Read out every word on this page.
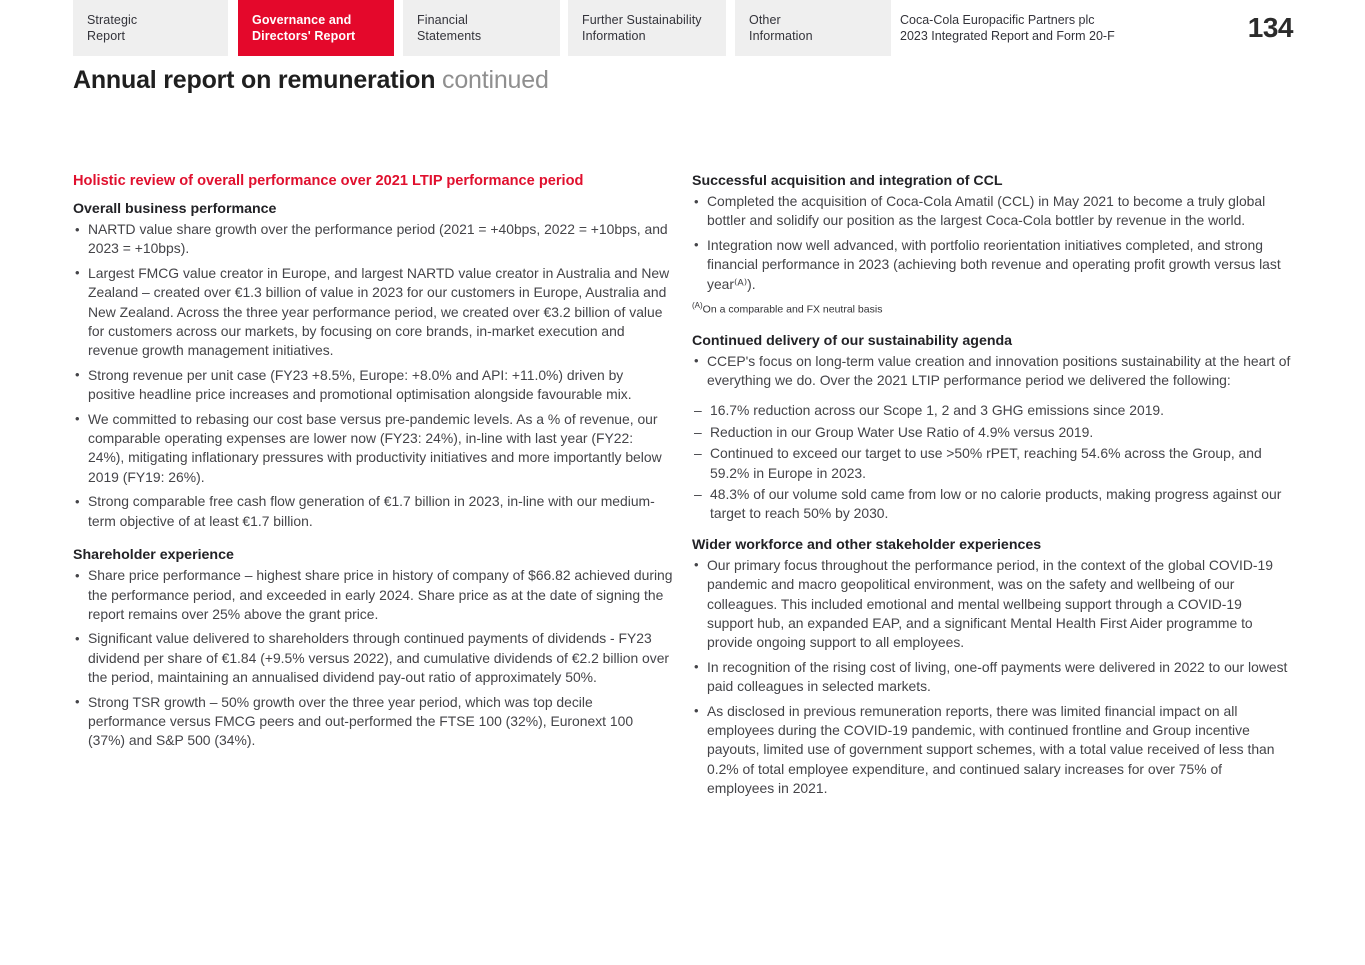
Strategic
Report
Governance and
Directors' Report
Financial
Statements
Further Sustainability
Information
Other
Information
Coca-Cola Europacific Partners plc
2023 Integrated Report and Form 20-F	134
Annual report on remuneration continued
Holistic review of overall performance over 2021 LTIP performance period
Overall business performance
• NARTD value share growth over the performance period (2021 = +40bps, 2022 = +10bps, and 2023 = +10bps).
• Largest FMCG value creator in Europe, and largest NARTD value creator in Australia and New Zealand – created over €1.3 billion of value in 2023 for our customers in Europe, Australia and New Zealand. Across the three year performance period, we created over €3.2 billion of value for customers across our markets, by focusing on core brands, in-market execution and revenue growth management initiatives.
• Strong revenue per unit case (FY23 +8.5%, Europe: +8.0% and API: +11.0%) driven by positive headline price increases and promotional optimisation alongside favourable mix.
• We committed to rebasing our cost base versus pre-pandemic levels. As a % of revenue, our comparable operating expenses are lower now (FY23: 24%), in-line with last year (FY22: 24%), mitigating inflationary pressures with productivity initiatives and more importantly below 2019 (FY19: 26%).
• Strong comparable free cash flow generation of €1.7 billion in 2023, in-line with our medium-term objective of at least €1.7 billion.
Shareholder experience
• Share price performance – highest share price in history of company of $66.82 achieved during the performance period, and exceeded in early 2024. Share price as at the date of signing the report remains over 25% above the grant price.
• Significant value delivered to shareholders through continued payments of dividends - FY23 dividend per share of €1.84 (+9.5% versus 2022), and cumulative dividends of €2.2 billion over the period, maintaining an annualised dividend pay-out ratio of approximately 50%.
• Strong TSR growth – 50% growth over the three year period, which was top decile performance versus FMCG peers and out-performed the FTSE 100 (32%), Euronext 100 (37%) and S&P 500 (34%).
Successful acquisition and integration of CCL
• Completed the acquisition of Coca-Cola Amatil (CCL) in May 2021 to become a truly global bottler and solidify our position as the largest Coca-Cola bottler by revenue in the world.
• Integration now well advanced, with portfolio reorientation initiatives completed, and strong financial performance in 2023 (achieving both revenue and operating profit growth versus last year⁽ᴬ⁾).
$^{(A)}$On a comparable and FX neutral basis
Continued delivery of our sustainability agenda
• CCEP's focus on long-term value creation and innovation positions sustainability at the heart of everything we do. Over the 2021 LTIP performance period we delivered the following:
– 16.7% reduction across our Scope 1, 2 and 3 GHG emissions since 2019.
– Reduction in our Group Water Use Ratio of 4.9% versus 2019.
– Continued to exceed our target to use >50% rPET, reaching 54.6% across the Group, and 59.2% in Europe in 2023.
– 48.3% of our volume sold came from low or no calorie products, making progress against our target to reach 50% by 2030.
Wider workforce and other stakeholder experiences
• Our primary focus throughout the performance period, in the context of the global COVID-19 pandemic and macro geopolitical environment, was on the safety and wellbeing of our colleagues. This included emotional and mental wellbeing support through a COVID-19 support hub, an expanded EAP, and a significant Mental Health First Aider programme to provide ongoing support to all employees.
• In recognition of the rising cost of living, one-off payments were delivered in 2022 to our lowest paid colleagues in selected markets.
• As disclosed in previous remuneration reports, there was limited financial impact on all employees during the COVID-19 pandemic, with continued frontline and Group incentive payouts, limited use of government support schemes, with a total value received of less than 0.2% of total employee expenditure, and continued salary increases for over 75% of employees in 2021.
